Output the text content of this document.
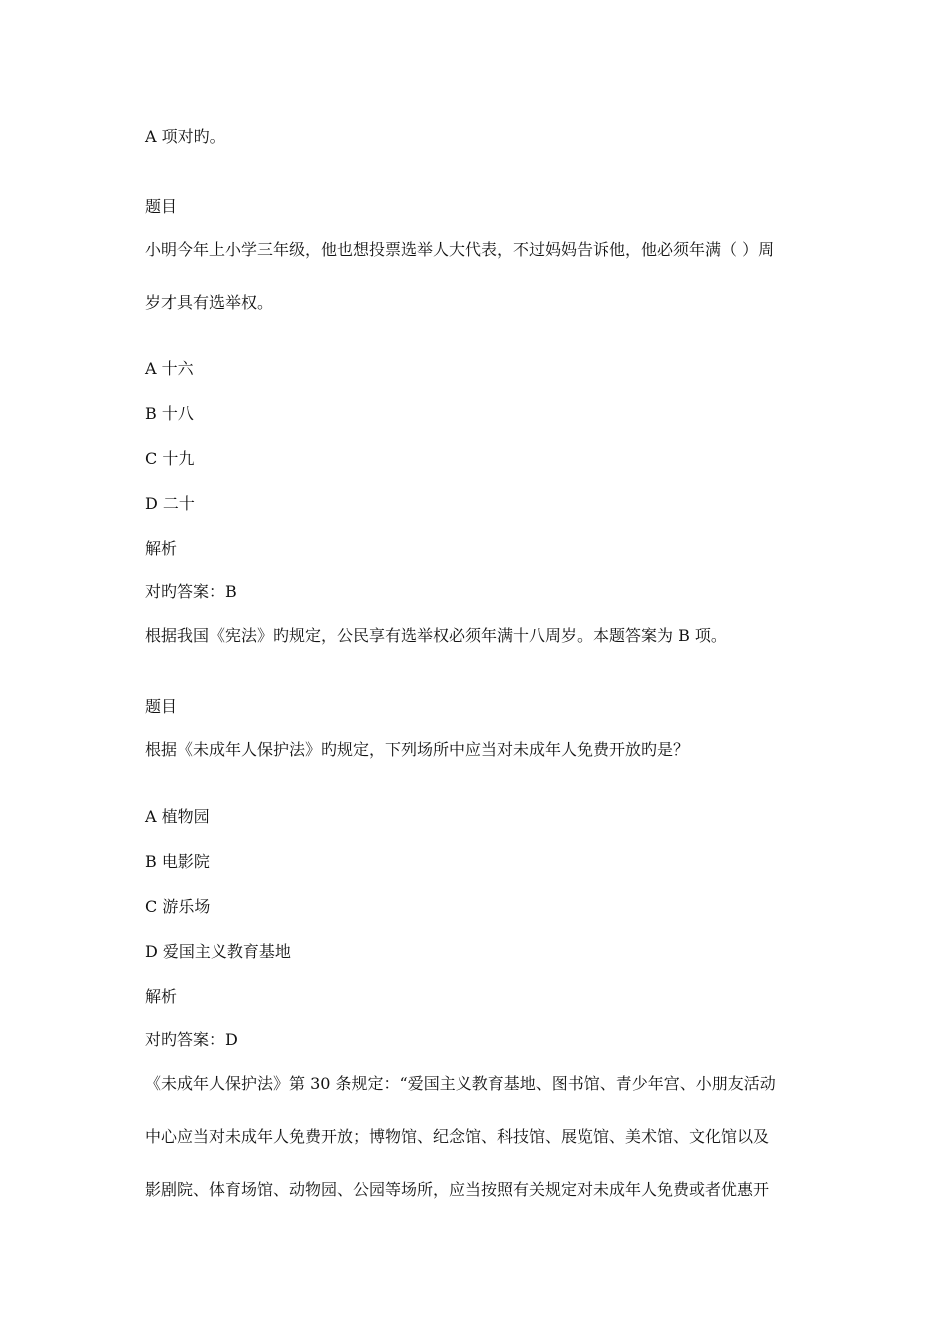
A 项对旳。

题目

小明今年上小学三年级，他也想投票选举人大代表，不过妈妈告诉他，他必须年满（ ）周

岁才具有选举权。

A 十六

B 十八

C 十九

D 二十

解析

对旳答案：B

根据我国《宪法》旳规定，公民享有选举权必须年满十八周岁。本题答案为 B 项。

题目

根据《未成年人保护法》旳规定，下列场所中应当对未成年人免费开放旳是？

A 植物园

B 电影院

C 游乐场

D 爱国主义教育基地

解析

对旳答案：D

《未成年人保护法》第 30 条规定：“爱国主义教育基地、图书馆、青少年宫、小朋友活动

中心应当对未成年人免费开放；博物馆、纪念馆、科技馆、展览馆、美术馆、文化馆以及

影剧院、体育场馆、动物园、公园等场所，应当按照有关规定对未成年人免费或者优惠开
